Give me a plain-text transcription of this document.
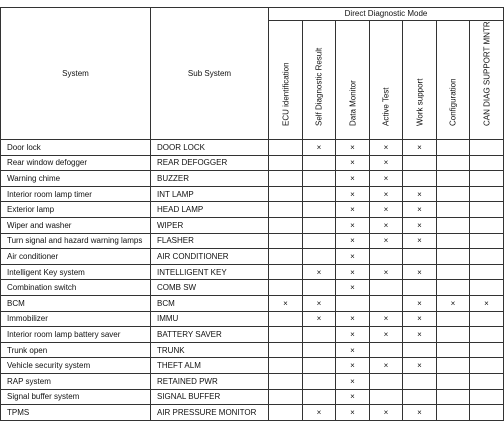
System	Sub System	Direct Diagnostic Mode						

		ECU identification	Self Diagnostic Result	Data Monitor	Active Test	Work support	Configuration	CAN DIAG SUPPORT MNTR

Door lock	DOOR LOCK		×	×	×	×		
Rear window defogger	REAR DEFOGGER			×	×			
Warning chime	BUZZER			×	×			
Interior room lamp timer	INT LAMP			×	×	×		
Exterior lamp	HEAD LAMP			×	×	×		
Wiper and washer	WIPER			×	×	×		
Turn signal and hazard warning lamps	FLASHER			×	×	×		
Air conditioner	AIR CONDITIONER			×				
Intelligent Key system	INTELLIGENT KEY		×	×	×	×		
Combination switch	COMB SW			×				
BCM	BCM	×	×			×	×	×
Immobilizer	IMMU		×	×	×	×		
Interior room lamp battery saver	BATTERY SAVER			×	×	×		
Trunk open	TRUNK			×				
Vehicle security system	THEFT ALM			×	×	×		
RAP system	RETAINED PWR			×				
Signal buffer system	SIGNAL BUFFER			×				
TPMS	AIR PRESSURE MONITOR		×	×	×	×		
